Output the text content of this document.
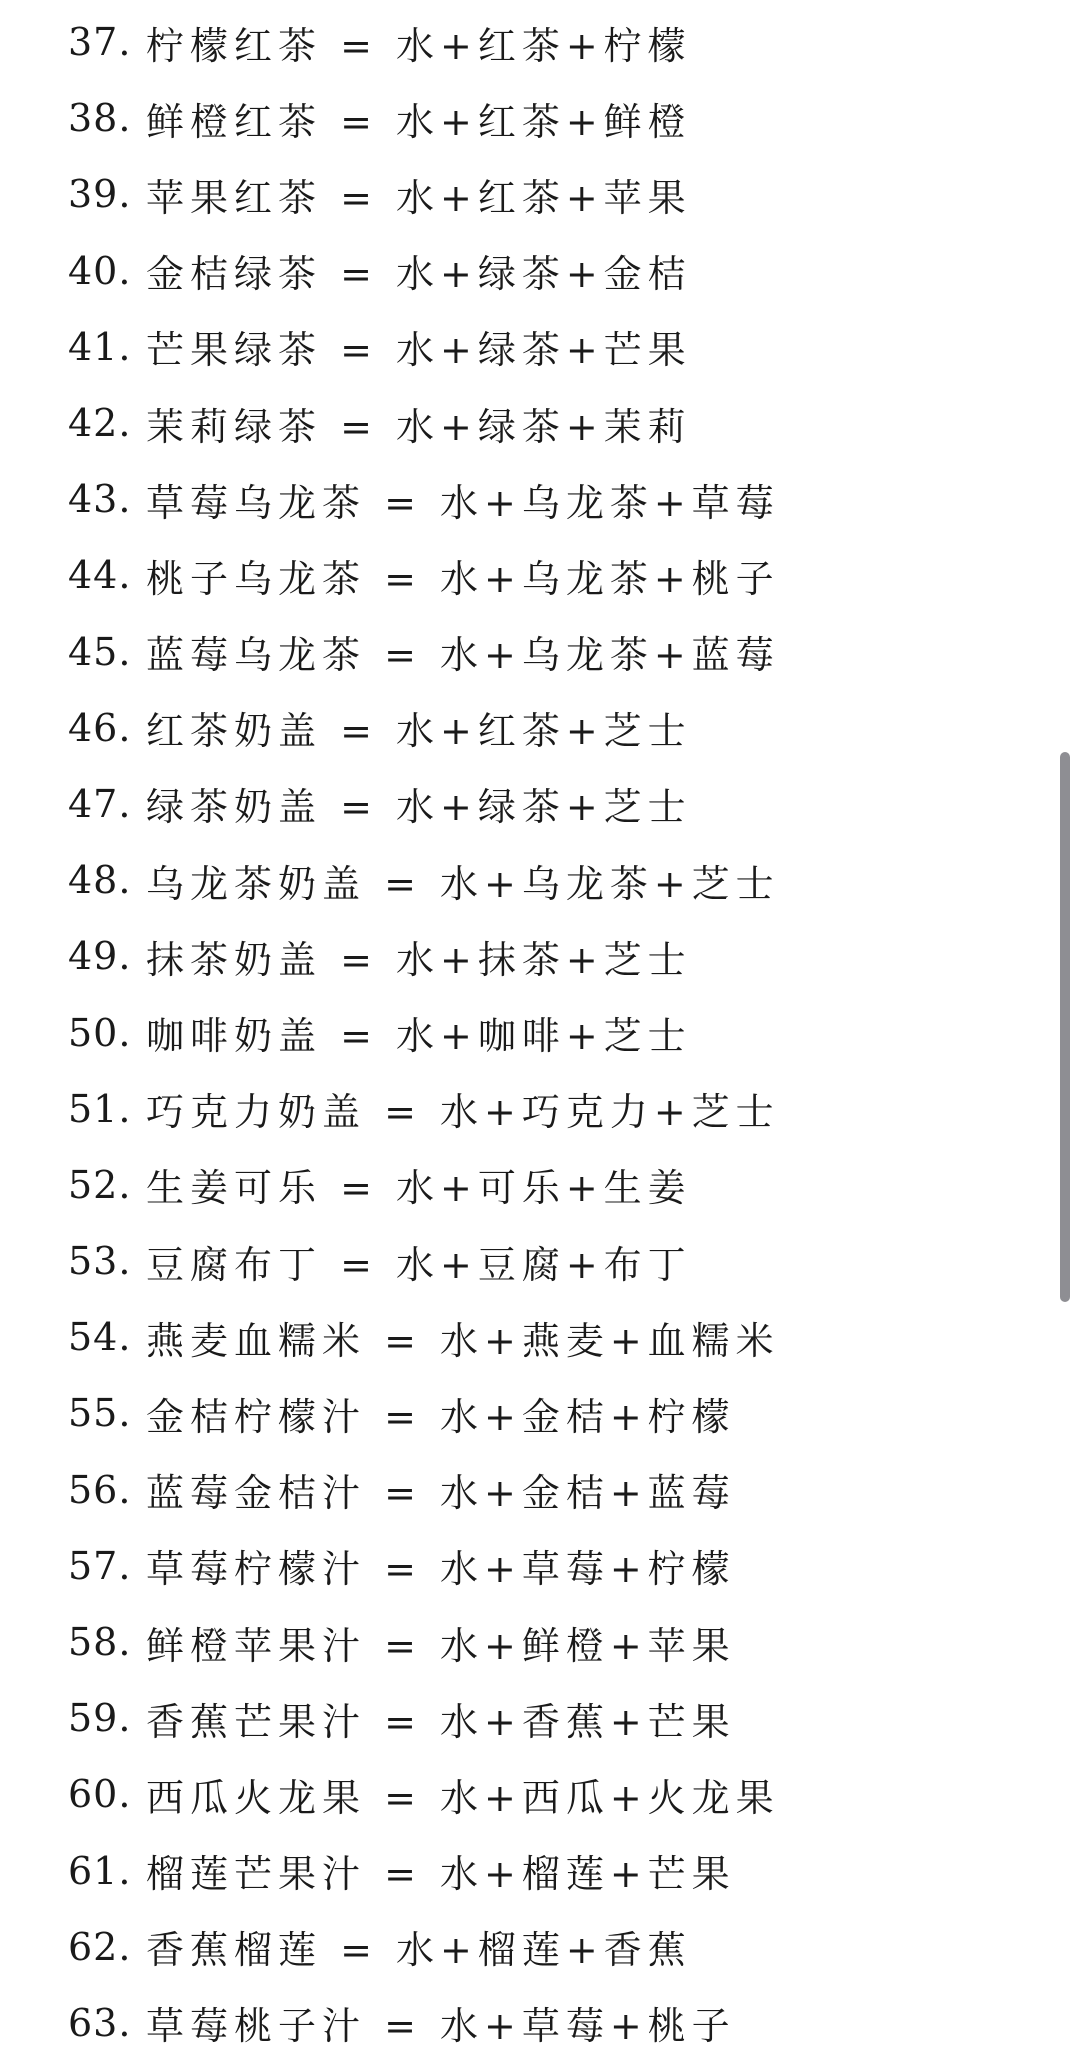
37. 柠檬红茶 = 水+红茶+柠檬
38. 鲜橙红茶 = 水+红茶+鲜橙
39. 苹果红茶 = 水+红茶+苹果
40. 金桔绿茶 = 水+绿茶+金桔
41. 芒果绿茶 = 水+绿茶+芒果
42. 茉莉绿茶 = 水+绿茶+茉莉
43. 草莓乌龙茶 = 水+乌龙茶+草莓
44. 桃子乌龙茶 = 水+乌龙茶+桃子
45. 蓝莓乌龙茶 = 水+乌龙茶+蓝莓
46. 红茶奶盖 = 水+红茶+芝士
47. 绿茶奶盖 = 水+绿茶+芝士
48. 乌龙茶奶盖 = 水+乌龙茶+芝士
49. 抹茶奶盖 = 水+抹茶+芝士
50. 咖啡奶盖 = 水+咖啡+芝士
51. 巧克力奶盖 = 水+巧克力+芝士
52. 生姜可乐 = 水+可乐+生姜
53. 豆腐布丁 = 水+豆腐+布丁
54. 燕麦血糯米 = 水+燕麦+血糯米
55. 金桔柠檬汁 = 水+金桔+柠檬
56. 蓝莓金桔汁 = 水+金桔+蓝莓
57. 草莓柠檬汁 = 水+草莓+柠檬
58. 鲜橙苹果汁 = 水+鲜橙+苹果
59. 香蕉芒果汁 = 水+香蕉+芒果
60. 西瓜火龙果 = 水+西瓜+火龙果
61. 榴莲芒果汁 = 水+榴莲+芒果
62. 香蕉榴莲 = 水+榴莲+香蕉
63. 草莓桃子汁 = 水+草莓+桃子
